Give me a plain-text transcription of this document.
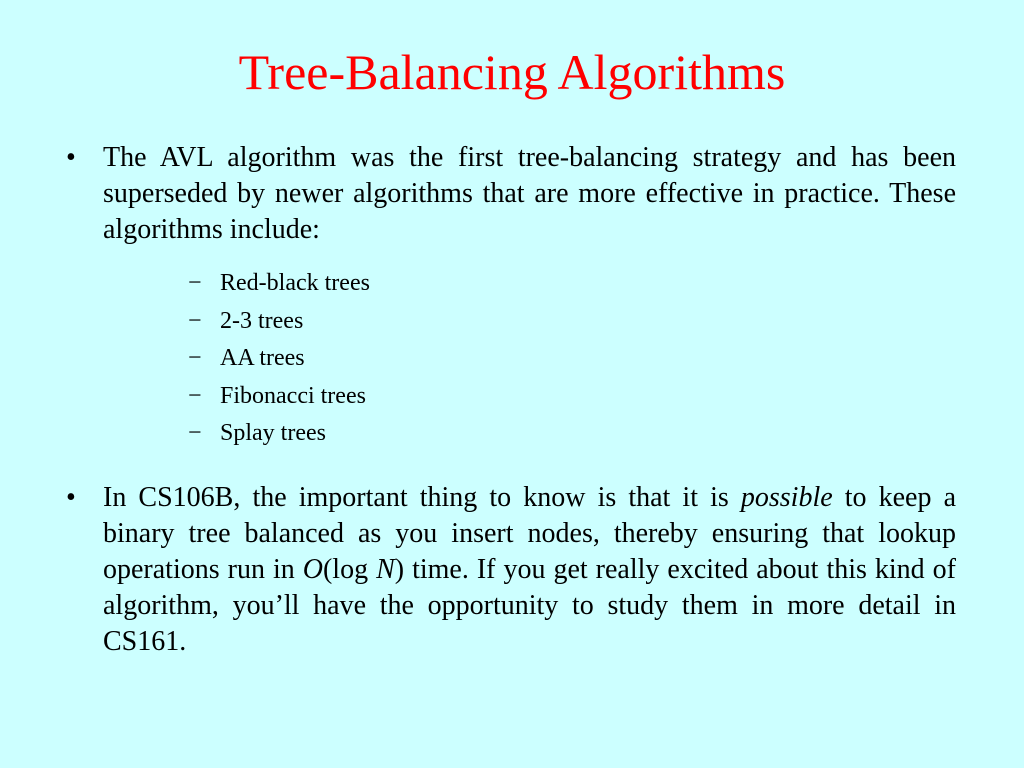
Tree-Balancing Algorithms
• The AVL algorithm was the first tree-balancing strategy and has been superseded by newer algorithms that are more effective in practice. These algorithms include:
− Red-black trees
− 2-3 trees
− AA trees
− Fibonacci trees
− Splay trees
• In CS106B, the important thing to know is that it is possible to keep a binary tree balanced as you insert nodes, thereby ensuring that lookup operations run in O(log N) time. If you get really excited about this kind of algorithm, you’ll have the opportunity to study them in more detail in CS161.
